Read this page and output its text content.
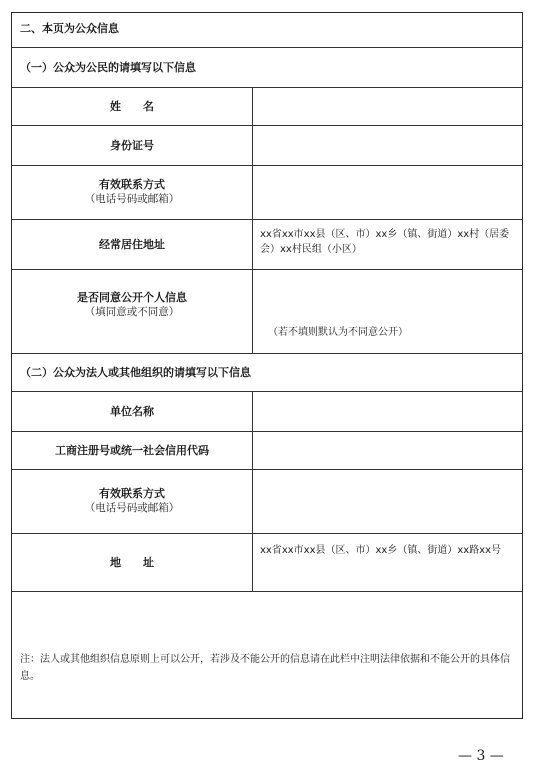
二、本页为公众信息
（一）公众为公民的请填写以下信息
姓　　名
身份证号
有效联系方式
（电话号码或邮箱）
经常居住地址
xx省xx市xx县（区、市）xx乡（镇、街道）xx村（居委会）xx村民组（小区）
是否同意公开个人信息
（填同意或不同意）
（若不填则默认为不同意公开）
（二）公众为法人或其他组织的请填写以下信息
单位名称
工商注册号或统一社会信用代码
有效联系方式
（电话号码或邮箱）
地　　址
xx省xx市xx县（区、市）xx乡（镇、街道）xx路xx号
注：法人或其他组织信息原则上可以公开，若涉及不能公开的信息请在此栏中注明法律依据和不能公开的具体信息。
— 3 —
